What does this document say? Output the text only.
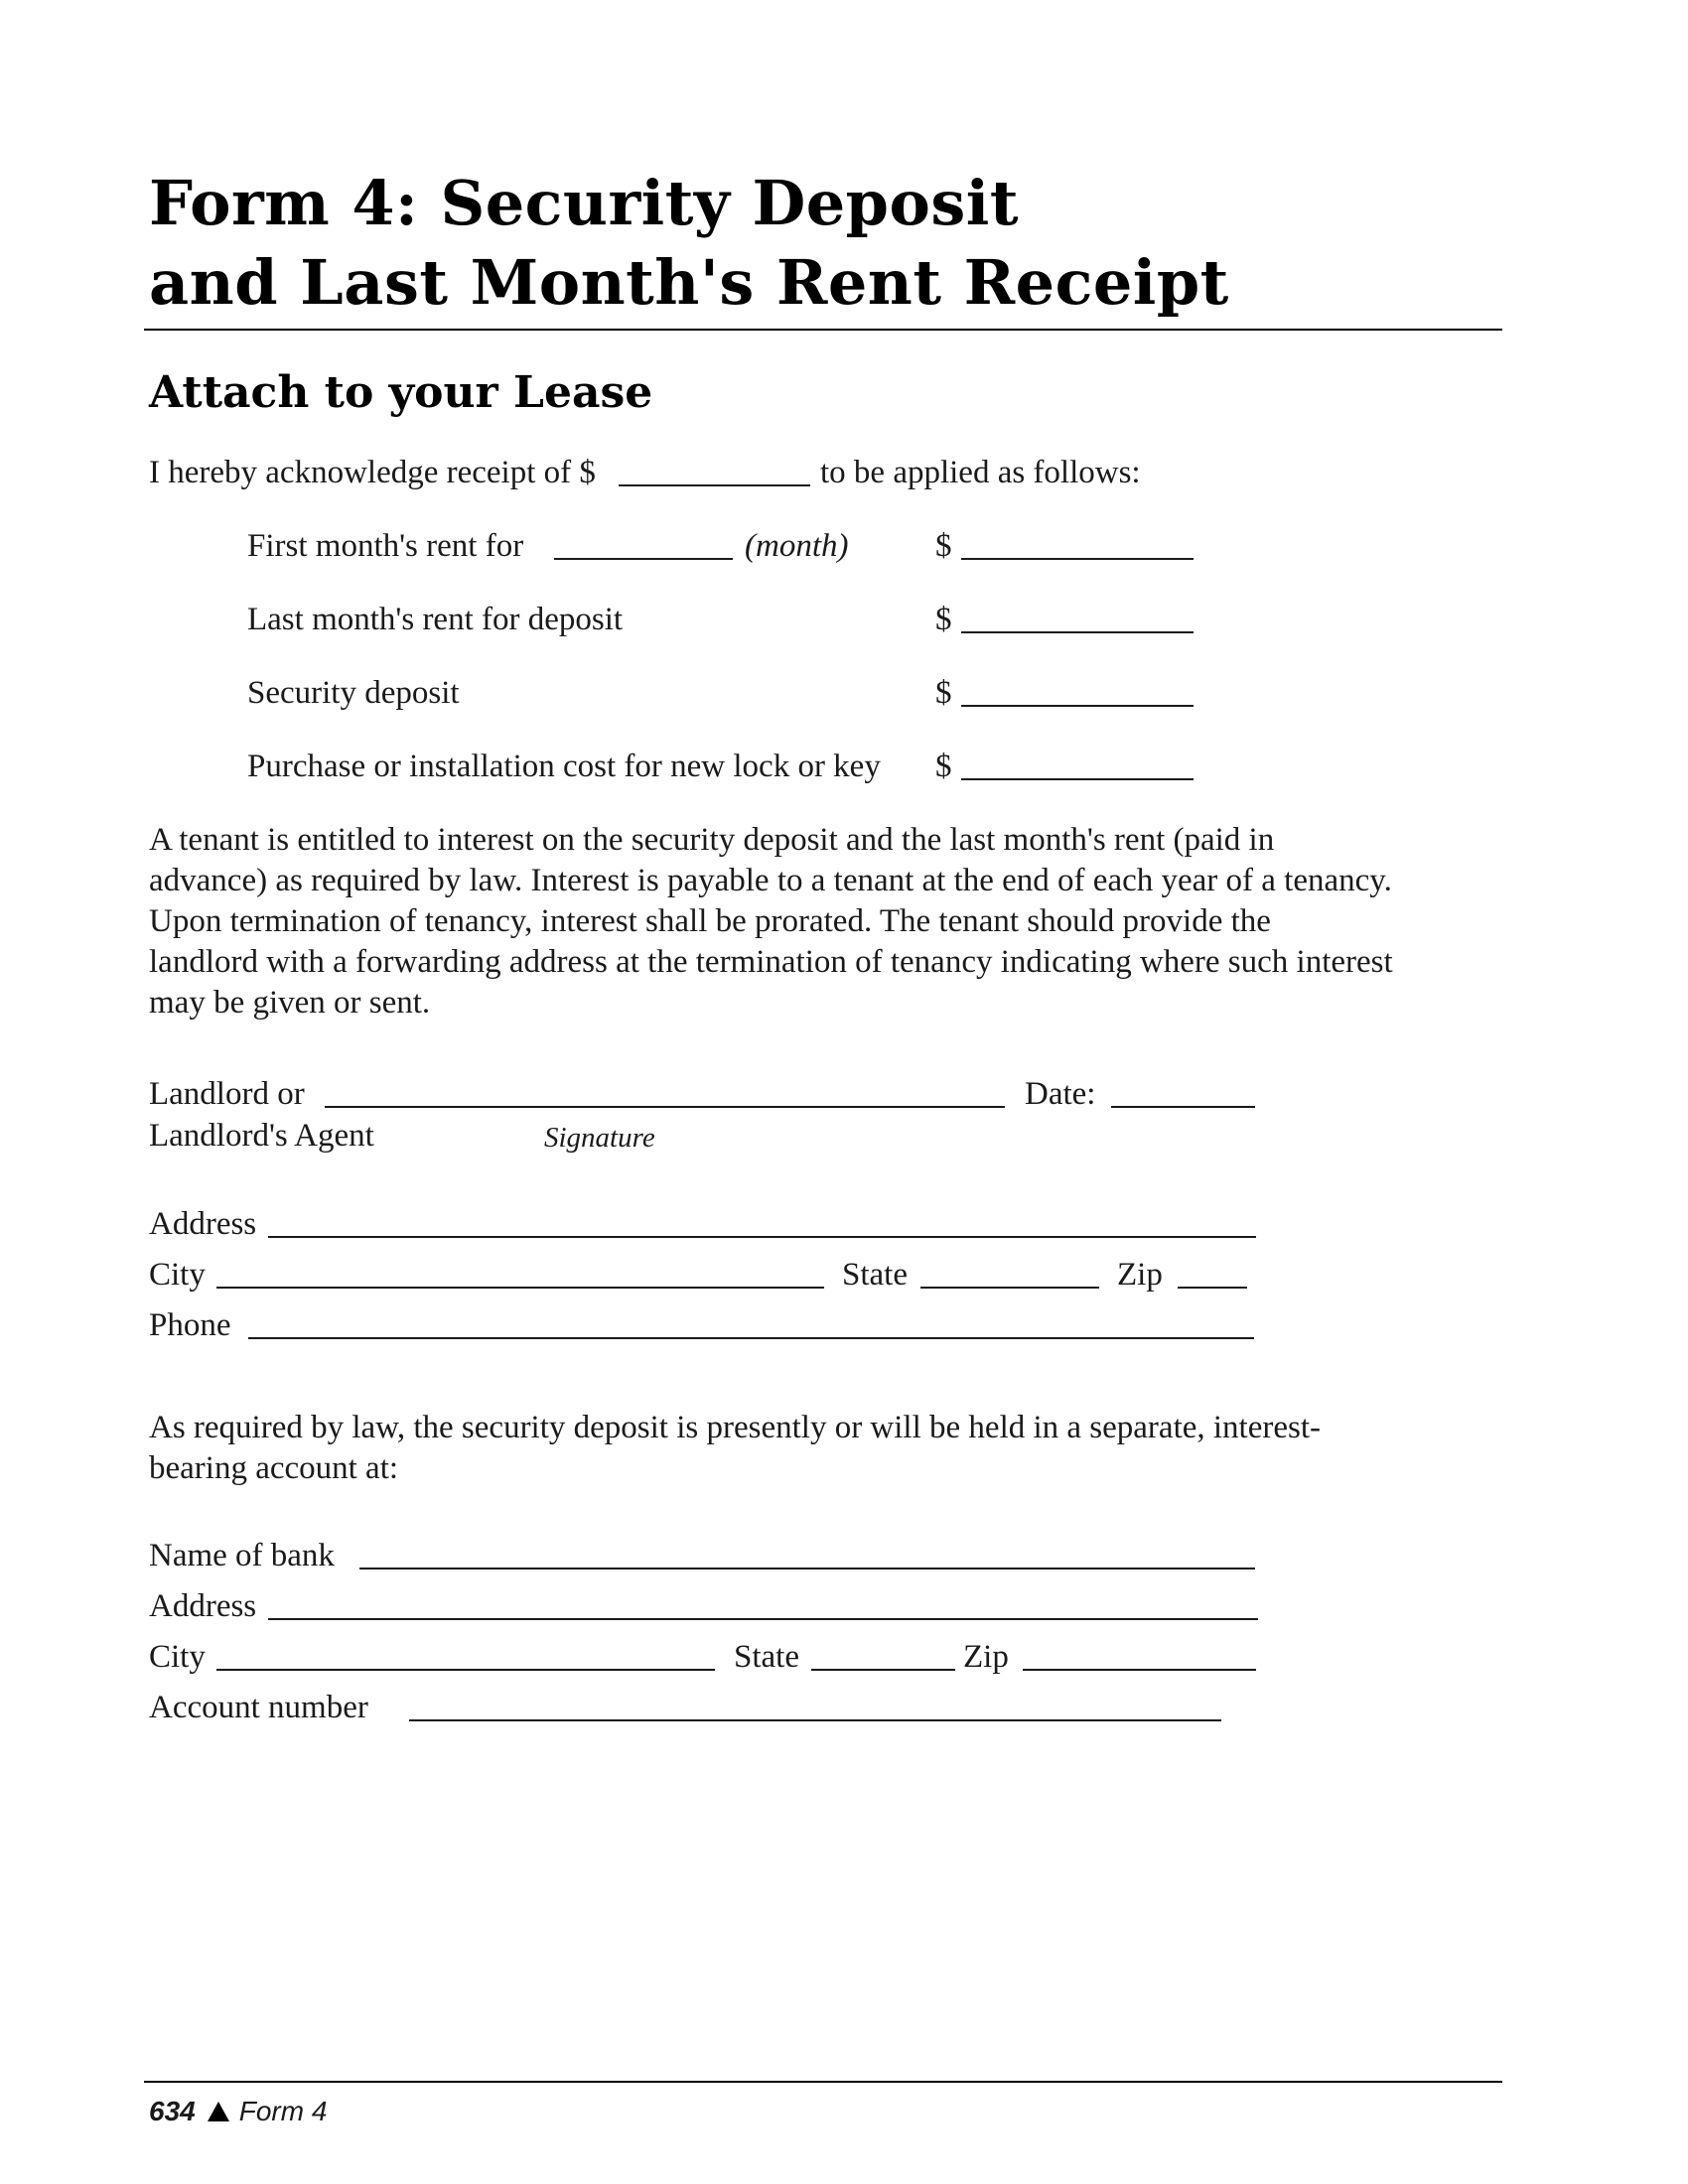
Form 4: Security Deposit
and Last Month's Rent Receipt
Attach to your Lease
I hereby acknowledge receipt of $	to be applied as follows:
First month's rent for	(month)	$
Last month's rent for deposit	$
Security deposit	$
Purchase or installation cost for new lock or key $
A tenant is entitled to interest on the security deposit and the last month's rent (paid in
advance) as required by law. Interest is payable to a tenant at the end of each year of a tenancy.
Upon termination of tenancy, interest shall be prorated. The tenant should provide the
landlord with a forwarding address at the termination of tenancy indicating where such interest
may be given or sent.
Landlord or	Date:
Landlord's Agent	Signature
Address
City	State	Zip
Phone
As required by law, the security deposit is presently or will be held in a separate, interest-
bearing account at:
Name of bank
Address
City	State	Zip
Account number
634 Form 4
